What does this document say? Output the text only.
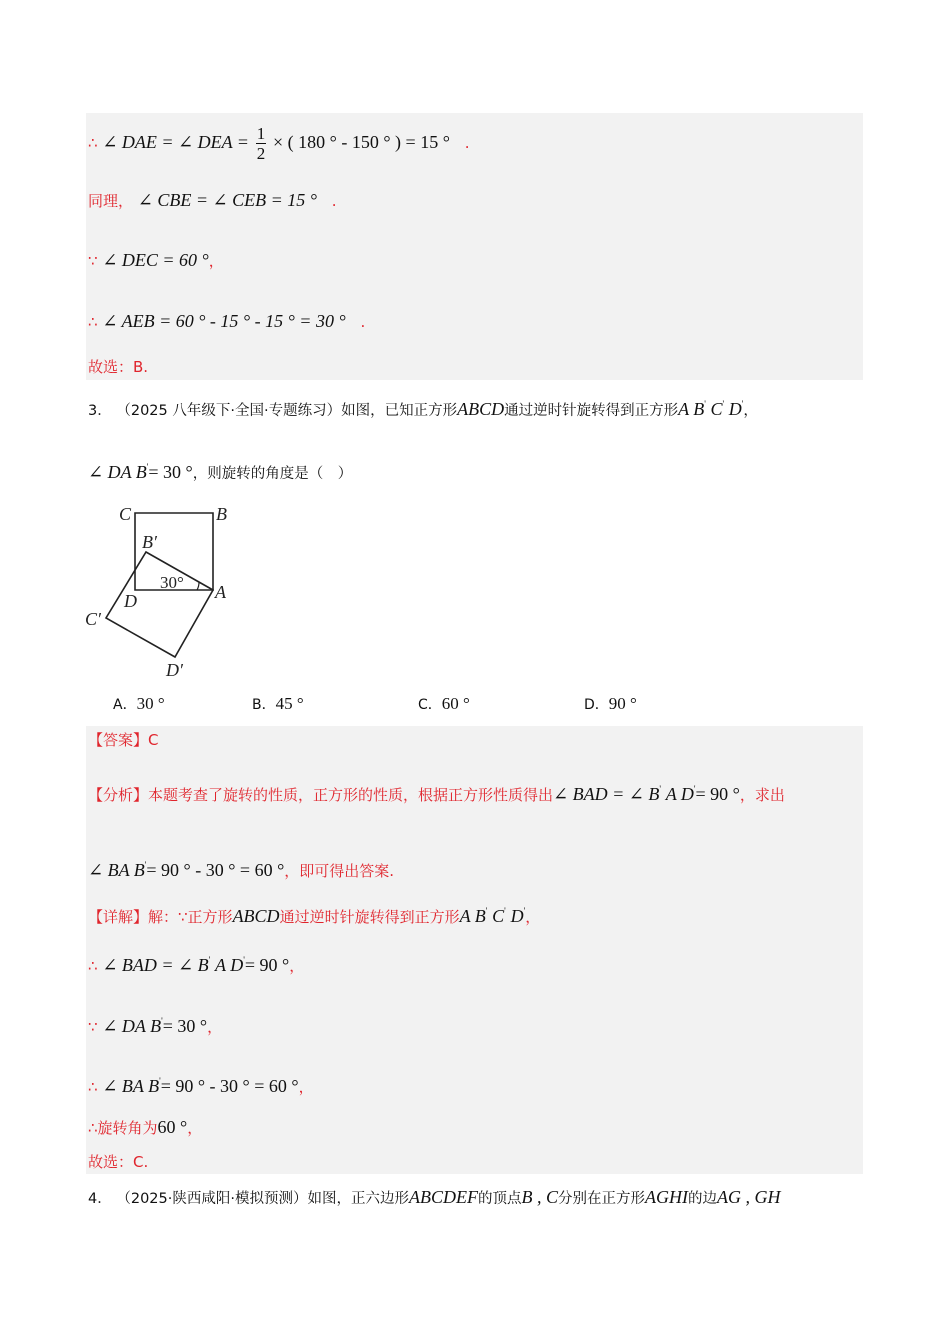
∴ ∠ DAE = ∠ DEA = $\frac{1}{2}$ × ( 180 ° - 150 ° ) = 15 ° .
同理， ∠ CBE = ∠ CEB = 15 ° .
∵ ∠ DEC = 60 °，
∴ ∠ AEB = 60 ° - 15 ° - 15 ° = 30 ° .
故选：B.
3． （2025 八年级下·全国·专题练习）如图，已知正方形ABCD通过逆时针旋转得到正方形A B' C' D'，
∠ DA B'= 30 °，则旋转的角度是（　）
C	B
B′
D	A
C′
D′
30°
A．30 °	B．45 °	C．60 °	D．90 °
【答案】C
【分析】本题考查了旋转的性质，正方形的性质，根据正方形性质得出∠ BAD = ∠ B' A D'= 90 °，求出
∠ BA B'= 90 ° - 30 ° = 60 °，即可得出答案.
【详解】解：∵正方形ABCD通过逆时针旋转得到正方形A B' C' D'，
∴ ∠ BAD = ∠ B' A D'= 90 °，
∵ ∠ DA B'= 30 °，
∴ ∠ BA B'= 90 ° - 30 ° = 60 °，
∴旋转角为60 °，
故选：C.
4． （2025·陕西咸阳·模拟预测）如图，正六边形ABCDEF的顶点B , C分别在正方形AGHI的边AG , GH
